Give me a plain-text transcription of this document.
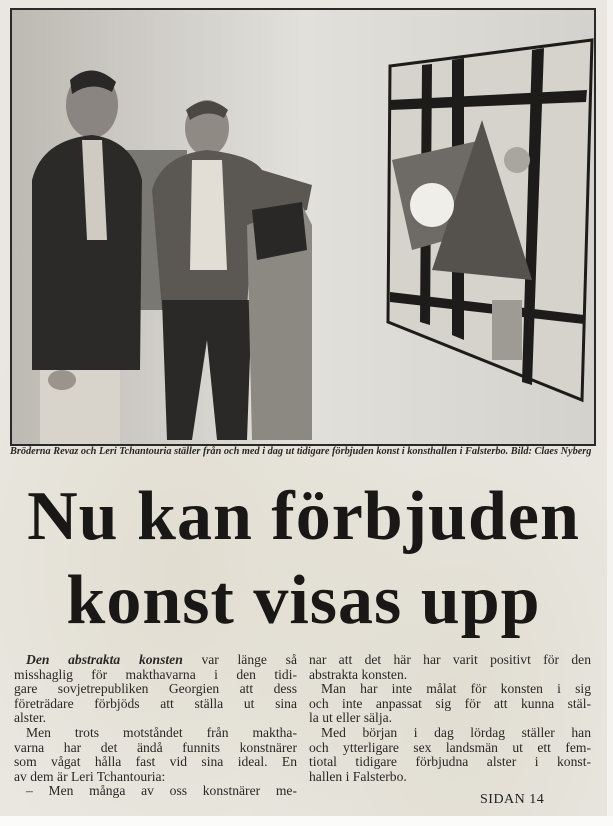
Bröderna Revaz och Leri Tchantouria ställer från och med i dag ut tidigare förbjuden konst i konsthallen i Falsterbo. Bild: Claes Nyberg
Nu kan förbjuden
konst visas upp
Den abstrakta konsten var länge så
misshaglig för makthavarna i den tidi-
gare sovjetrepubliken Georgien att dess
företrädare förbjöds att ställa ut sina
alster.
Men trots motståndet från maktha-
varna har det ändå funnits konstnärer
som vågat hålla fast vid sina ideal. En
av dem är Leri Tchantouria:
– Men många av oss konstnärer me-
nar att det här har varit positivt för den
abstrakta konsten.
Man har inte målat för konsten i sig
och inte anpassat sig för att kunna stäl-
la ut eller sälja.
Med början i dag lördag ställer han
och ytterligare sex landsmän ut ett fem-
tiotal tidigare förbjudna alster i konst-
hallen i Falsterbo.
SIDAN 14
